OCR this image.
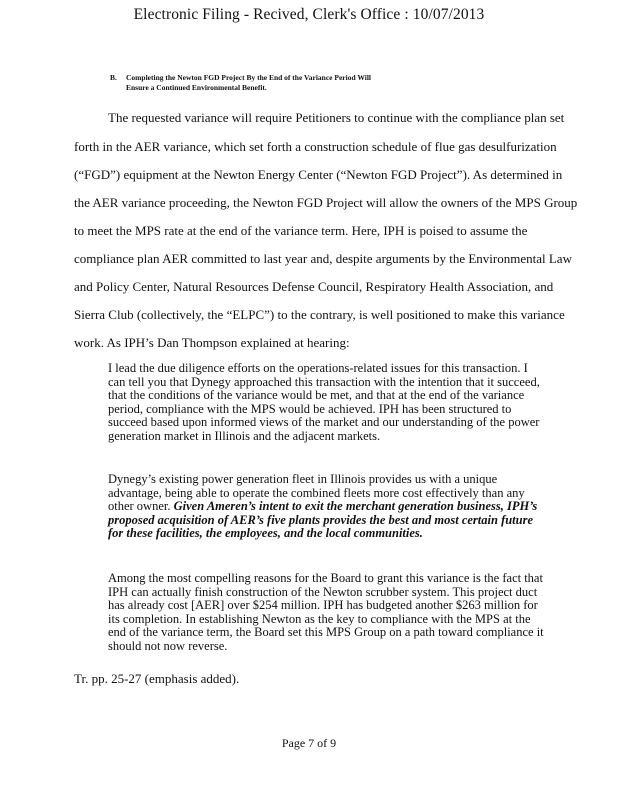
Electronic Filing - Recived, Clerk's Office : 10/07/2013
B. Completing the Newton FGD Project By the End of the Variance Period Will
Ensure a Continued Environmental Benefit.
The requested variance will require Petitioners to continue with the compliance plan set
forth in the AER variance, which set forth a construction schedule of flue gas desulfurization
(“FGD”) equipment at the Newton Energy Center (“Newton FGD Project”). As determined in
the AER variance proceeding, the Newton FGD Project will allow the owners of the MPS Group
to meet the MPS rate at the end of the variance term. Here, IPH is poised to assume the
compliance plan AER committed to last year and, despite arguments by the Environmental Law
and Policy Center, Natural Resources Defense Council, Respiratory Health Association, and
Sierra Club (collectively, the “ELPC”) to the contrary, is well positioned to make this variance
work. As IPH’s Dan Thompson explained at hearing:

I lead the due diligence efforts on the operations-related issues for this transaction. I can tell you that Dynegy approached this transaction with the intention that it succeed, that the conditions of the variance would be met, and that at the end of the variance period, compliance with the MPS would be achieved. IPH has been structured to succeed based upon informed views of the market and our understanding of the power generation market in Illinois and the adjacent markets.

Dynegy’s existing power generation fleet in Illinois provides us with a unique advantage, being able to operate the combined fleets more cost effectively than any other owner. Given Ameren’s intent to exit the merchant generation business, IPH’s proposed acquisition of AER’s five plants provides the best and most certain future for these facilities, the employees, and the local communities.

Among the most compelling reasons for the Board to grant this variance is the fact that IPH can actually finish construction of the Newton scrubber system. This project duct has already cost [AER] over $254 million. IPH has budgeted another $263 million for its completion. In establishing Newton as the key to compliance with the MPS at the end of the variance term, the Board set this MPS Group on a path toward compliance it should not now reverse.

Tr. pp. 25-27 (emphasis added).
Page 7 of 9
